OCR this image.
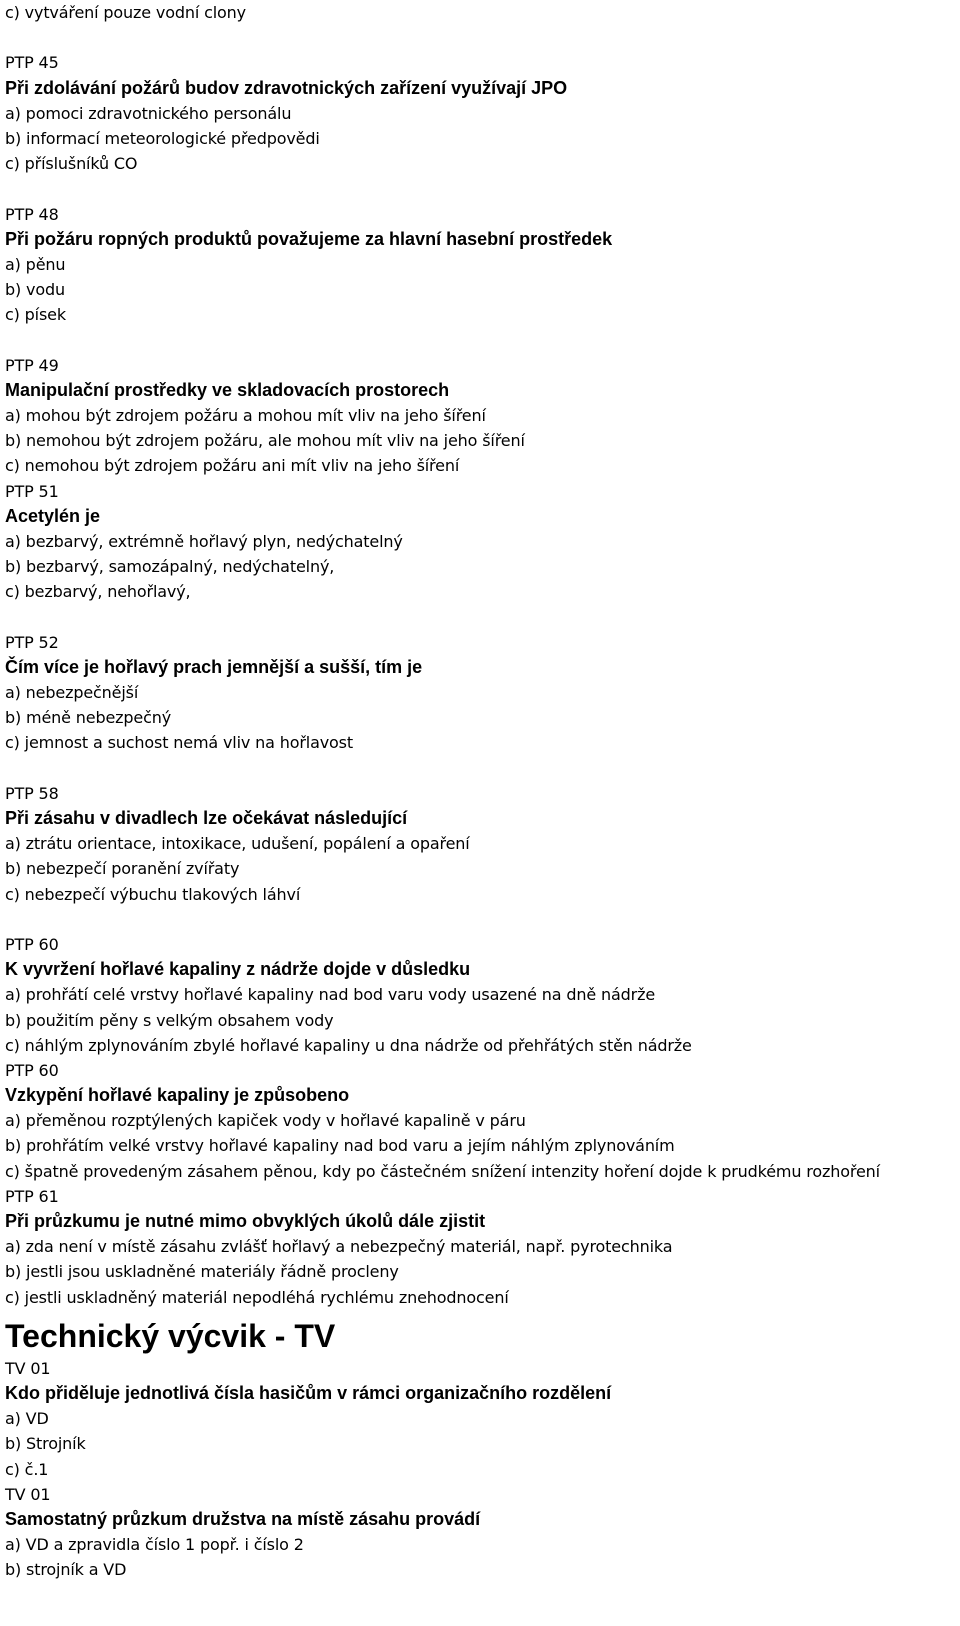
c) vytváření pouze vodní clony
PTP 45
Při zdolávání požárů budov zdravotnických zařízení využívají JPO
a) pomoci zdravotnického personálu
b) informací meteorologické předpovědi
c) příslušníků CO
PTP 48
Při požáru ropných produktů považujeme za hlavní hasební prostředek
a) pěnu
b) vodu
c) písek
PTP 49
Manipulační prostředky ve skladovacích prostorech
a) mohou být zdrojem požáru a mohou mít vliv na jeho šíření
b) nemohou být zdrojem požáru, ale mohou mít vliv na jeho šíření
c) nemohou být zdrojem požáru ani mít vliv na jeho šíření
PTP 51
Acetylén je
a) bezbarvý, extrémně hořlavý plyn, nedýchatelný
b) bezbarvý, samozápalný, nedýchatelný,
c) bezbarvý, nehořlavý,
PTP 52
Čím více je hořlavý prach jemnější a sušší, tím je
a) nebezpečnější
b) méně nebezpečný
c) jemnost a suchost nemá vliv na hořlavost
PTP 58
Při zásahu v divadlech lze očekávat následující
a) ztrátu orientace, intoxikace, udušení, popálení a opaření
b) nebezpečí poranění zvířaty
c) nebezpečí výbuchu tlakových láhví
PTP 60
K vyvržení hořlavé kapaliny z nádrže dojde v důsledku
a) prohřátí celé vrstvy hořlavé kapaliny nad bod varu vody usazené na dně nádrže
b) použitím pěny s velkým obsahem vody
c) náhlým zplynováním zbylé hořlavé kapaliny u dna nádrže od přehřátých stěn nádrže
PTP 60
Vzkypění hořlavé kapaliny je způsobeno
a) přeměnou rozptýlených kapiček vody v hořlavé kapalině v páru
b) prohřátím velké vrstvy hořlavé kapaliny nad bod varu a jejím náhlým zplynováním
c) špatně provedeným zásahem pěnou, kdy po částečném snížení intenzity hoření dojde k prudkému rozhoření
PTP 61
Při průzkumu je nutné mimo obvyklých úkolů dále zjistit
a) zda není v místě zásahu zvlášť hořlavý a nebezpečný materiál, např. pyrotechnika
b) jestli jsou uskladněné materiály řádně procleny
c) jestli uskladněný materiál nepodléhá rychlému znehodnocení
Technický výcvik - TV
TV 01
Kdo přiděluje jednotlivá čísla hasičům v rámci organizačního rozdělení
a) VD
b) Strojník
c) č.1
TV 01
Samostatný průzkum družstva na místě zásahu provádí
a) VD a zpravidla číslo 1 popř. i číslo 2
b) strojník a VD
